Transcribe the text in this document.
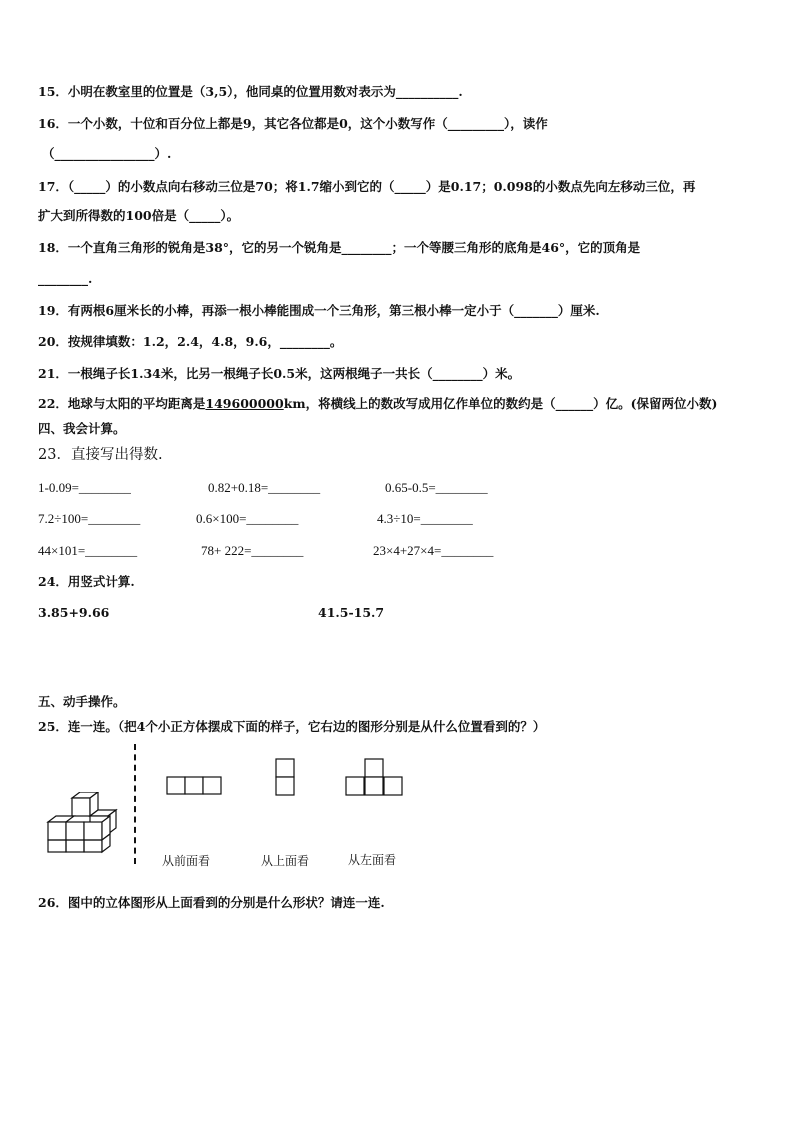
15．小明在教室里的位置是（3,5），他同桌的位置用数对表示为__________.
16．一个小数，十位和百分位上都是9，其它各位都是0，这个小数写作（_________），读作
（________________）.
17．（_____）的小数点向右移动三位是70；将1.7缩小到它的（_____）是0.17；0.098的小数点先向左移动三位，再
扩大到所得数的100倍是（_____）。
18．一个直角三角形的锐角是38°，它的另一个锐角是________；一个等腰三角形的底角是46°，它的顶角是
________.
19．有两根6厘米长的小棒，再添一根小棒能围成一个三角形，第三根小棒一定小于（_______）厘米.
20．按规律填数：1.2，2.4，4.8，9.6，________。
21．一根绳子长1.34米，比另一根绳子长0.5米，这两根绳子一共长（________）米。
22．地球与太阳的平均距离是149600000km，将横线上的数改写成用亿作单位的数约是（______）亿。(保留两位小数)
四、我会计算。
23．直接写出得数.
1-0.09=________	0.82+0.18=________	0.65-0.5=________
7.2÷100=________	0.6×100=________	4.3÷10=________
44×101=________	78+ 222=________	23×4+27×4=________
24．用竖式计算.
3.85+9.66	41.5-15.7
五、动手操作。
25．连一连。（把4个小正方体摆成下面的样子，它右边的图形分别是从什么位置看到的？）
从前面看	从上面看	从左面看
26．图中的立体图形从上面看到的分别是什么形状？请连一连.
